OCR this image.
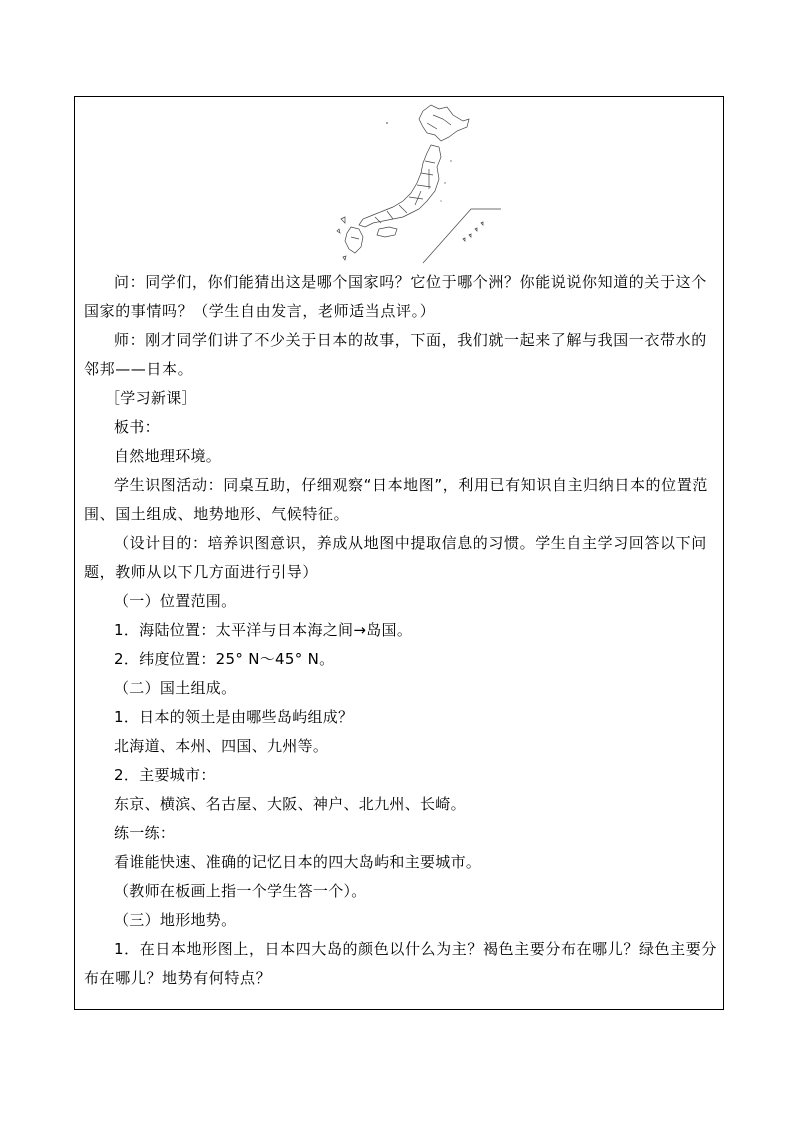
问：同学们，你们能猜出这是哪个国家吗？它位于哪个洲？你能说说你知道的关于这个国家的事情吗？（学生自由发言，老师适当点评。）
师：刚才同学们讲了不少关于日本的故事，下面，我们就一起来了解与我国一衣带水的邻邦——日本。
［学习新课］
板书：
自然地理环境。
学生识图活动：同桌互助，仔细观察“日本地图”，利用已有知识自主归纳日本的位置范围、国土组成、地势地形、气候特征。
（设计目的：培养识图意识，养成从地图中提取信息的习惯。学生自主学习回答以下问题，教师从以下几方面进行引导）
（一）位置范围。
1．海陆位置：太平洋与日本海之间→岛国。
2．纬度位置：25° N～45° N。
（二）国土组成。
1．日本的领土是由哪些岛屿组成？
北海道、本州、四国、九州等。
2．主要城市：
东京、横滨、名古屋、大阪、神户、北九州、长崎。
练一练：
看谁能快速、准确的记忆日本的四大岛屿和主要城市。
（教师在板画上指一个学生答一个）。
（三）地形地势。
1．在日本地形图上，日本四大岛的颜色以什么为主？褐色主要分布在哪儿？绿色主要分布在哪儿？地势有何特点？
